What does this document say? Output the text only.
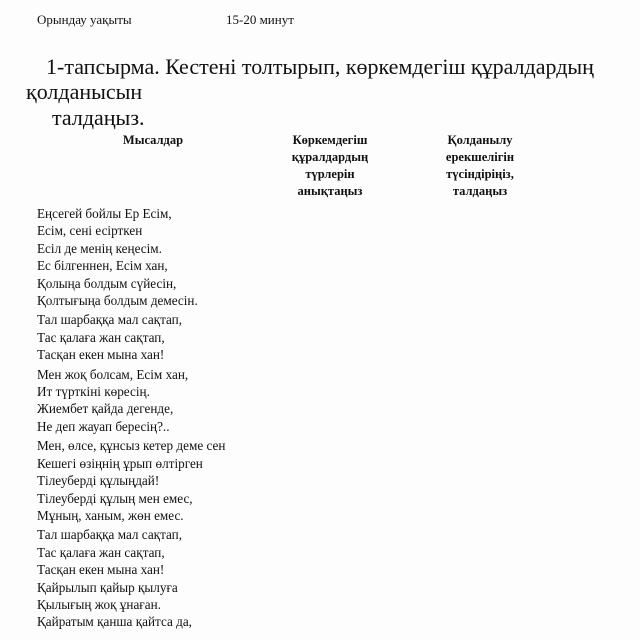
Орындау уақыты	15-20 минут
1-тапсырма. Кестені толтырып, көркемдегіш құралдардың
қолданысын
талдаңыз.
Мысалдар	Көркемдегіш
құралдардың
түрлерін
анықтаңыз
Қолданылу
ерекшелігін
түсіндіріңіз,
талдаңыз
Еңсегей бойлы Ер Есім,
Есім, сені есірткен
Есіл де менің кеңесім.
Ес білгеннен, Есім хан,
Қолыңа болдым сүйесін,
Қолтығыңа болдым демесін.
Тал шарбаққа мал сақтап,
Тас қалаға жан сақтап,
Тасқан екен мына хан!
Мен жоқ болсам, Есім хан,
Ит түрткіні көресің.
Жиембет қайда дегенде,
Не деп жауап бересің?..
Мен, өлсе, құнсыз кетер деме сен
Кешегі өзіңнің ұрып өлтірген
Тілеуберді құлыңдай!
Тілеуберді құлың мен емес,
Мұның, ханым, жөн емес.
Тал шарбаққа мал сақтап,
Тас қалаға жан сақтап,
Тасқан екен мына хан!
Қайрылып қайыр қылуға
Қылығың жоқ ұнаған.
Қайратым қанша қайтса да,
